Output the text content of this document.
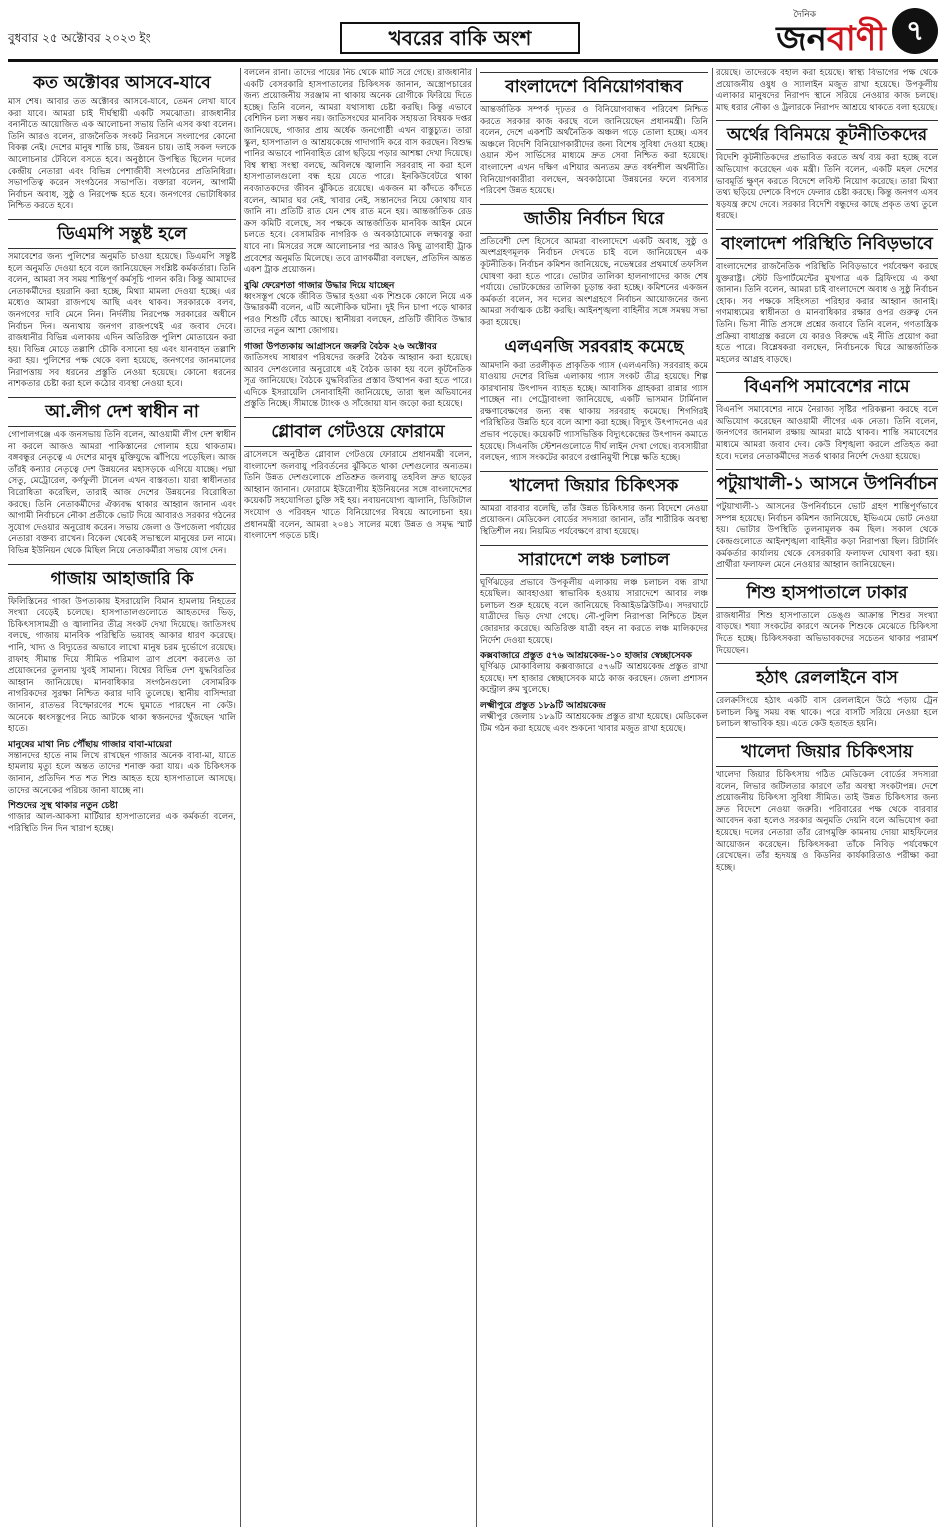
বুধবার ২৫ অক্টোবর ২০২৩ ইং	খবরের বাকি অংশ
দৈনিক
জনবাণী ৭
কত অক্টোবর আসবে-যাবে
মাস শেষ। আবার তত অক্টোবর আসবে-যাবে, তেমন লেখা যাবে করা যাবে। আমরা চাই দীর্ঘস্থায়ী একটি সমঝোতা। রাজধানীর বনানীতে আয়োজিত এক আলোচনা সভায় তিনি এসব কথা বলেন। তিনি আরও বলেন, রাজনৈতিক সংকট নিরসনে সংলাপের কোনো বিকল্প নেই। দেশের মানুষ শান্তি চায়, উন্নয়ন চায়। তাই সকল দলকে আলোচনার টেবিলে বসতে হবে। অনুষ্ঠানে উপস্থিত ছিলেন দলের কেন্দ্রীয় নেতারা এবং বিভিন্ন পেশাজীবী সংগঠনের প্রতিনিধিরা। সভাপতিত্ব করেন সংগঠনের সভাপতি। বক্তারা বলেন, আগামী নির্বাচন অবাধ, সুষ্ঠু ও নিরপেক্ষ হতে হবে। জনগণের ভোটাধিকার নিশ্চিত করতে হবে।
ডিএমপি সন্তুষ্ট হলে
সমাবেশের জন্য পুলিশের অনুমতি চাওয়া হয়েছে। ডিএমপি সন্তুষ্ট হলে অনুমতি দেওয়া হবে বলে জানিয়েছেন সংশ্লিষ্ট কর্মকর্তারা। তিনি বলেন, আমরা সব সময় শান্তিপূর্ণ কর্মসূচি পালন করি। কিন্তু আমাদের নেতাকর্মীদের হয়রানি করা হচ্ছে, মিথ্যা মামলা দেওয়া হচ্ছে। এর মধ্যেও আমরা রাজপথে আছি এবং থাকব। সরকারকে বলব, জনগণের দাবি মেনে নিন। নির্দলীয় নিরপেক্ষ সরকারের অধীনে নির্বাচন দিন। অন্যথায় জনগণ রাজপথেই এর জবাব দেবে। রাজধানীর বিভিন্ন এলাকায় এদিন অতিরিক্ত পুলিশ মোতায়েন করা হয়। বিভিন্ন মোড়ে তল্লাশি চৌকি বসানো হয় এবং যানবাহন তল্লাশি করা হয়। পুলিশের পক্ষ থেকে বলা হয়েছে, জনগণের জানমালের নিরাপত্তায় সব ধরনের প্রস্তুতি নেওয়া হয়েছে। কোনো ধরনের নাশকতার চেষ্টা করা হলে কঠোর ব্যবস্থা নেওয়া হবে।
আ.লীগ দেশ স্বাধীন না
গোপালগঞ্জে এক জনসভায় তিনি বলেন, আওয়ামী লীগ দেশ স্বাধীন না করলে আজও আমরা পাকিস্তানের গোলাম হয়ে থাকতাম। বঙ্গবন্ধুর নেতৃত্বে এ দেশের মানুষ মুক্তিযুদ্ধে ঝাঁপিয়ে পড়েছিল। আজ তাঁরই কন্যার নেতৃত্বে দেশ উন্নয়নের মহাসড়কে এগিয়ে যাচ্ছে। পদ্মা সেতু, মেট্রোরেল, কর্ণফুলী টানেল এখন বাস্তবতা। যারা স্বাধীনতার বিরোধিতা করেছিল, তারাই আজ দেশের উন্নয়নের বিরোধিতা করছে। তিনি নেতাকর্মীদের ঐক্যবদ্ধ থাকার আহ্বান জানান এবং আগামী নির্বাচনে নৌকা প্রতীকে ভোট দিয়ে আবারও সরকার গঠনের সুযোগ দেওয়ার অনুরোধ করেন। সভায় জেলা ও উপজেলা পর্যায়ের নেতারা বক্তব্য রাখেন। বিকেল থেকেই সভাস্থলে মানুষের ঢল নামে। বিভিন্ন ইউনিয়ন থেকে মিছিল নিয়ে নেতাকর্মীরা সভায় যোগ দেন।
গাজায় আহাজারি কি
ফিলিস্তিনের গাজা উপত্যকায় ইসরায়েলি বিমান হামলায় নিহতের সংখ্যা বেড়েই চলেছে। হাসপাতালগুলোতে আহতদের ভিড়, চিকিৎসাসামগ্রী ও জ্বালানির তীব্র সংকট দেখা দিয়েছে। জাতিসংঘ বলছে, গাজায় মানবিক পরিস্থিতি ভয়াবহ আকার ধারণ করেছে। পানি, খাদ্য ও বিদ্যুতের অভাবে লাখো মানুষ চরম দুর্ভোগে রয়েছে। রাফাহ সীমান্ত দিয়ে সীমিত পরিমাণ ত্রাণ প্রবেশ করলেও তা প্রয়োজনের তুলনায় খুবই সামান্য। বিশ্বের বিভিন্ন দেশ যুদ্ধবিরতির আহ্বান জানিয়েছে। মানবাধিকার সংগঠনগুলো বেসামরিক নাগরিকদের সুরক্ষা নিশ্চিত করার দাবি তুলেছে। স্থানীয় বাসিন্দারা জানান, রাতভর বিস্ফোরণের শব্দে ঘুমাতে পারছেন না কেউ। অনেকে ধ্বংসস্তূপের নিচে আটকে থাকা স্বজনদের খুঁজছেন খালি হাতে।
মানুষের মাথা নিচ পৌঁছায় গাজার বাবা-মায়েরা
সন্তানদের হাতে নাম লিখে রাখছেন গাজার অনেক বাবা-মা, যাতে হামলায় মৃত্যু হলে অন্তত তাদের শনাক্ত করা যায়। এক চিকিৎসক জানান, প্রতিদিন শত শত শিশু আহত হয়ে হাসপাতালে আসছে। তাদের অনেকের পরিচয় জানা যাচ্ছে না।
শিশুদের সুস্থ থাকার নতুন চেষ্টা
গাজার আল-আকসা মার্টিয়ার হাসপাতালের এক কর্মকর্তা বলেন, পরিস্থিতি দিন দিন খারাপ হচ্ছে।
বললেন রানা। তাদের পায়ের নিচ থেকে মাটি সরে গেছে। রাজধানীর একটি বেসরকারি হাসপাতালের চিকিৎসক জানান, অস্ত্রোপচারের জন্য প্রয়োজনীয় সরঞ্জাম না থাকায় অনেক রোগীকে ফিরিয়ে দিতে হচ্ছে। তিনি বলেন, আমরা যথাসাধ্য চেষ্টা করছি। কিন্তু এভাবে বেশিদিন চলা সম্ভব নয়। জাতিসংঘের মানবিক সহায়তা বিষয়ক দপ্তর জানিয়েছে, গাজার প্রায় অর্ধেক জনগোষ্ঠী এখন বাস্তুচ্যুত। তারা স্কুল, হাসপাতাল ও আশ্রয়কেন্দ্রে গাদাগাদি করে বাস করছেন। বিশুদ্ধ পানির অভাবে পানিবাহিত রোগ ছড়িয়ে পড়ার আশঙ্কা দেখা দিয়েছে। বিশ্ব স্বাস্থ্য সংস্থা বলছে, অবিলম্বে জ্বালানি সরবরাহ না করা হলে হাসপাতালগুলো বন্ধ হয়ে যেতে পারে। ইনকিউবেটরে থাকা নবজাতকদের জীবন ঝুঁকিতে রয়েছে। একজন মা কাঁদতে কাঁদতে বলেন, আমার ঘর নেই, খাবার নেই, সন্তানদের নিয়ে কোথায় যাব জানি না। প্রতিটি রাত যেন শেষ রাত মনে হয়। আন্তর্জাতিক রেড ক্রস কমিটি বলেছে, সব পক্ষকে আন্তর্জাতিক মানবিক আইন মেনে চলতে হবে। বেসামরিক নাগরিক ও অবকাঠামোকে লক্ষ্যবস্তু করা যাবে না। মিসরের সঙ্গে আলোচনার পর আরও কিছু ত্রাণবাহী ট্রাক প্রবেশের অনুমতি মিলেছে। তবে ত্রাণকর্মীরা বলছেন, প্রতিদিন অন্তত একশ ট্রাক প্রয়োজন।
বুঝি ফেরেশতা গাজার উদ্ধার দিয়ে যাচ্ছেন
ধ্বংসস্তূপ থেকে জীবিত উদ্ধার হওয়া এক শিশুকে কোলে নিয়ে এক উদ্ধারকর্মী বলেন, এটি অলৌকিক ঘটনা। দুই দিন চাপা পড়ে থাকার পরও শিশুটি বেঁচে আছে। স্থানীয়রা বলছেন, প্রতিটি জীবিত উদ্ধার তাদের নতুন আশা জোগায়।
গাজা উপত্যকায় আগ্রাসনে জরুরি বৈঠক ২৬ অক্টোবর
জাতিসংঘ সাধারণ পরিষদের জরুরি বৈঠক আহ্বান করা হয়েছে। আরব দেশগুলোর অনুরোধে এই বৈঠক ডাকা হয় বলে কূটনৈতিক সূত্র জানিয়েছে। বৈঠকে যুদ্ধবিরতির প্রস্তাব উত্থাপন করা হতে পারে। এদিকে ইসরায়েলি সেনাবাহিনী জানিয়েছে, তারা স্থল অভিযানের প্রস্তুতি নিচ্ছে। সীমান্তে ট্যাংক ও সাঁজোয়া যান জড়ো করা হয়েছে।
গ্লোবাল গেটওয়ে ফোরামে
ব্রাসেলসে অনুষ্ঠিত গ্লোবাল গেটওয়ে ফোরামে প্রধানমন্ত্রী বলেন, বাংলাদেশ জলবায়ু পরিবর্তনের ঝুঁকিতে থাকা দেশগুলোর অন্যতম। তিনি উন্নত দেশগুলোকে প্রতিশ্রুত জলবায়ু তহবিল দ্রুত ছাড়ের আহ্বান জানান। ফোরামে ইউরোপীয় ইউনিয়নের সঙ্গে বাংলাদেশের কয়েকটি সহযোগিতা চুক্তি সই হয়। নবায়নযোগ্য জ্বালানি, ডিজিটাল সংযোগ ও পরিবহন খাতে বিনিয়োগের বিষয়ে আলোচনা হয়। প্রধানমন্ত্রী বলেন, আমরা ২০৪১ সালের মধ্যে উন্নত ও সমৃদ্ধ স্মার্ট বাংলাদেশ গড়তে চাই।
বাংলাদেশে বিনিয়োগবান্ধব
আন্তর্জাতিক সম্পর্ক দৃঢ়তর ও বিনিয়োগবান্ধব পরিবেশ নিশ্চিত করতে সরকার কাজ করছে বলে জানিয়েছেন প্রধানমন্ত্রী। তিনি বলেন, দেশে একশটি অর্থনৈতিক অঞ্চল গড়ে তোলা হচ্ছে। এসব অঞ্চলে বিদেশি বিনিয়োগকারীদের জন্য বিশেষ সুবিধা দেওয়া হচ্ছে। ওয়ান স্টপ সার্ভিসের মাধ্যমে দ্রুত সেবা নিশ্চিত করা হয়েছে। বাংলাদেশ এখন দক্ষিণ এশিয়ার অন্যতম দ্রুত বর্ধনশীল অর্থনীতি। বিনিয়োগকারীরা বলছেন, অবকাঠামো উন্নয়নের ফলে ব্যবসার পরিবেশ উন্নত হয়েছে।
জাতীয় নির্বাচন ঘিরে
প্রতিবেশী দেশ হিসেবে আমরা বাংলাদেশে একটি অবাধ, সুষ্ঠু ও অংশগ্রহণমূলক নির্বাচন দেখতে চাই বলে জানিয়েছেন এক কূটনীতিক। নির্বাচন কমিশন জানিয়েছে, নভেম্বরের প্রথমার্ধে তফসিল ঘোষণা করা হতে পারে। ভোটার তালিকা হালনাগাদের কাজ শেষ পর্যায়ে। ভোটকেন্দ্রের তালিকা চূড়ান্ত করা হচ্ছে। কমিশনের একজন কর্মকর্তা বলেন, সব দলের অংশগ্রহণে নির্বাচন আয়োজনের জন্য আমরা সর্বাত্মক চেষ্টা করছি। আইনশৃঙ্খলা বাহিনীর সঙ্গে সমন্বয় সভা করা হয়েছে।
এলএনজি সরবরাহ কমেছে
আমদানি করা তরলীকৃত প্রাকৃতিক গ্যাস (এলএনজি) সরবরাহ কমে যাওয়ায় দেশের বিভিন্ন এলাকায় গ্যাস সংকট তীব্র হয়েছে। শিল্প কারখানায় উৎপাদন ব্যাহত হচ্ছে। আবাসিক গ্রাহকরা রান্নার গ্যাস পাচ্ছেন না। পেট্রোবাংলা জানিয়েছে, একটি ভাসমান টার্মিনাল রক্ষণাবেক্ষণের জন্য বন্ধ থাকায় সরবরাহ কমেছে। শিগগিরই পরিস্থিতির উন্নতি হবে বলে আশা করা হচ্ছে। বিদ্যুৎ উৎপাদনেও এর প্রভাব পড়েছে। কয়েকটি গ্যাসভিত্তিক বিদ্যুৎকেন্দ্রের উৎপাদন কমাতে হয়েছে। সিএনজি স্টেশনগুলোতে দীর্ঘ লাইন দেখা গেছে। ব্যবসায়ীরা বলছেন, গ্যাস সংকটের কারণে রপ্তানিমুখী শিল্পে ক্ষতি হচ্ছে।
খালেদা জিয়ার চিকিৎসক
আমরা বারবার বলেছি, তাঁর উন্নত চিকিৎসার জন্য বিদেশে নেওয়া প্রয়োজন। মেডিকেল বোর্ডের সদস্যরা জানান, তাঁর শারীরিক অবস্থা স্থিতিশীল নয়। নিয়মিত পর্যবেক্ষণে রাখা হয়েছে।
সারাদেশে লঞ্চ চলাচল
ঘূর্ণিঝড়ের প্রভাবে উপকূলীয় এলাকায় লঞ্চ চলাচল বন্ধ রাখা হয়েছিল। আবহাওয়া স্বাভাবিক হওয়ায় সারাদেশে আবার লঞ্চ চলাচল শুরু হয়েছে বলে জানিয়েছে বিআইডব্লিউটিএ। সদরঘাটে যাত্রীদের ভিড় দেখা গেছে। নৌ-পুলিশ নিরাপত্তা নিশ্চিতে টহল জোরদার করেছে। অতিরিক্ত যাত্রী বহন না করতে লঞ্চ মালিকদের নির্দেশ দেওয়া হয়েছে।
কক্সবাজারে প্রস্তুত ৫৭৬ আশ্রয়কেন্দ্র-১০ হাজার স্বেচ্ছাসেবক
ঘূর্ণিঝড় মোকাবিলায় কক্সবাজারে ৫৭৬টি আশ্রয়কেন্দ্র প্রস্তুত রাখা হয়েছে। দশ হাজার স্বেচ্ছাসেবক মাঠে কাজ করছেন। জেলা প্রশাসন কন্ট্রোল রুম খুলেছে।
লক্ষ্মীপুরে প্রস্তুত ১৮৯টি আশ্রয়কেন্দ্র
লক্ষ্মীপুর জেলায় ১৮৯টি আশ্রয়কেন্দ্র প্রস্তুত রাখা হয়েছে। মেডিকেল টিম গঠন করা হয়েছে এবং শুকনো খাবার মজুত রাখা হয়েছে।
রয়েছে। তাদেরকে বহাল করা হয়েছে। স্বাস্থ্য বিভাগের পক্ষ থেকে প্রয়োজনীয় ওষুধ ও স্যালাইন মজুত রাখা হয়েছে। উপকূলীয় এলাকার মানুষদের নিরাপদ স্থানে সরিয়ে নেওয়ার কাজ চলছে। মাছ ধরার নৌকা ও ট্রলারকে নিরাপদ আশ্রয়ে থাকতে বলা হয়েছে।
অর্থের বিনিময়ে কূটনীতিকদের
বিদেশি কূটনীতিকদের প্রভাবিত করতে অর্থ ব্যয় করা হচ্ছে বলে অভিযোগ করেছেন এক মন্ত্রী। তিনি বলেন, একটি মহল দেশের ভাবমূর্তি ক্ষুণ্ন করতে বিদেশে লবিস্ট নিয়োগ করেছে। তারা মিথ্যা তথ্য ছড়িয়ে দেশকে বিপদে ফেলার চেষ্টা করছে। কিন্তু জনগণ এসব ষড়যন্ত্র রুখে দেবে। সরকার বিদেশি বন্ধুদের কাছে প্রকৃত তথ্য তুলে ধরছে।
বাংলাদেশ পরিস্থিতি নিবিড়ভাবে
বাংলাদেশের রাজনৈতিক পরিস্থিতি নিবিড়ভাবে পর্যবেক্ষণ করছে যুক্তরাষ্ট্র। স্টেট ডিপার্টমেন্টের মুখপাত্র এক ব্রিফিংয়ে এ কথা জানান। তিনি বলেন, আমরা চাই বাংলাদেশে অবাধ ও সুষ্ঠু নির্বাচন হোক। সব পক্ষকে সহিংসতা পরিহার করার আহ্বান জানাই। গণমাধ্যমের স্বাধীনতা ও মানবাধিকার রক্ষার ওপর গুরুত্ব দেন তিনি। ভিসা নীতি প্রসঙ্গে প্রশ্নের জবাবে তিনি বলেন, গণতান্ত্রিক প্রক্রিয়া বাধাগ্রস্ত করলে যে কারও বিরুদ্ধে এই নীতি প্রয়োগ করা হতে পারে। বিশ্লেষকরা বলছেন, নির্বাচনকে ঘিরে আন্তর্জাতিক মহলের আগ্রহ বাড়ছে।
বিএনপি সমাবেশের নামে
বিএনপি সমাবেশের নামে নৈরাজ্য সৃষ্টির পরিকল্পনা করছে বলে অভিযোগ করেছেন আওয়ামী লীগের এক নেতা। তিনি বলেন, জনগণের জানমাল রক্ষায় আমরা মাঠে থাকব। শান্তি সমাবেশের মাধ্যমে আমরা জবাব দেব। কেউ বিশৃঙ্খলা করলে প্রতিহত করা হবে। দলের নেতাকর্মীদের সতর্ক থাকার নির্দেশ দেওয়া হয়েছে।
পটুয়াখালী-১ আসনে উপনির্বাচন
পটুয়াখালী-১ আসনের উপনির্বাচনে ভোট গ্রহণ শান্তিপূর্ণভাবে সম্পন্ন হয়েছে। নির্বাচন কমিশন জানিয়েছে, ইভিএমে ভোট নেওয়া হয়। ভোটার উপস্থিতি তুলনামূলক কম ছিল। সকাল থেকে কেন্দ্রগুলোতে আইনশৃঙ্খলা বাহিনীর কড়া নিরাপত্তা ছিল। রিটার্নিং কর্মকর্তার কার্যালয় থেকে বেসরকারি ফলাফল ঘোষণা করা হয়। প্রার্থীরা ফলাফল মেনে নেওয়ার আহ্বান জানিয়েছেন।
শিশু হাসপাতালে ঢাকার
রাজধানীর শিশু হাসপাতালে ডেঙ্গু আক্রান্ত শিশুর সংখ্যা বাড়ছে। শয্যা সংকটের কারণে অনেক শিশুকে মেঝেতে চিকিৎসা দিতে হচ্ছে। চিকিৎসকরা অভিভাবকদের সচেতন থাকার পরামর্শ দিয়েছেন।
হঠাৎ রেললাইনে বাস
রেলক্রসিংয়ে হঠাৎ একটি বাস রেললাইনে উঠে পড়ায় ট্রেন চলাচল কিছু সময় বন্ধ থাকে। পরে বাসটি সরিয়ে নেওয়া হলে চলাচল স্বাভাবিক হয়। এতে কেউ হতাহত হয়নি।
খালেদা জিয়ার চিকিৎসায়
খালেদা জিয়ার চিকিৎসায় গঠিত মেডিকেল বোর্ডের সদস্যরা বলেন, লিভার জটিলতার কারণে তাঁর অবস্থা সংকটাপন্ন। দেশে প্রয়োজনীয় চিকিৎসা সুবিধা সীমিত। তাই উন্নত চিকিৎসার জন্য দ্রুত বিদেশে নেওয়া জরুরি। পরিবারের পক্ষ থেকে বারবার আবেদন করা হলেও সরকার অনুমতি দেয়নি বলে অভিযোগ করা হয়েছে। দলের নেতারা তাঁর রোগমুক্তি কামনায় দোয়া মাহফিলের আয়োজন করেছেন। চিকিৎসকরা তাঁকে নিবিড় পর্যবেক্ষণে রেখেছেন। তাঁর হৃদযন্ত্র ও কিডনির কার্যকারিতাও পরীক্ষা করা হচ্ছে।
